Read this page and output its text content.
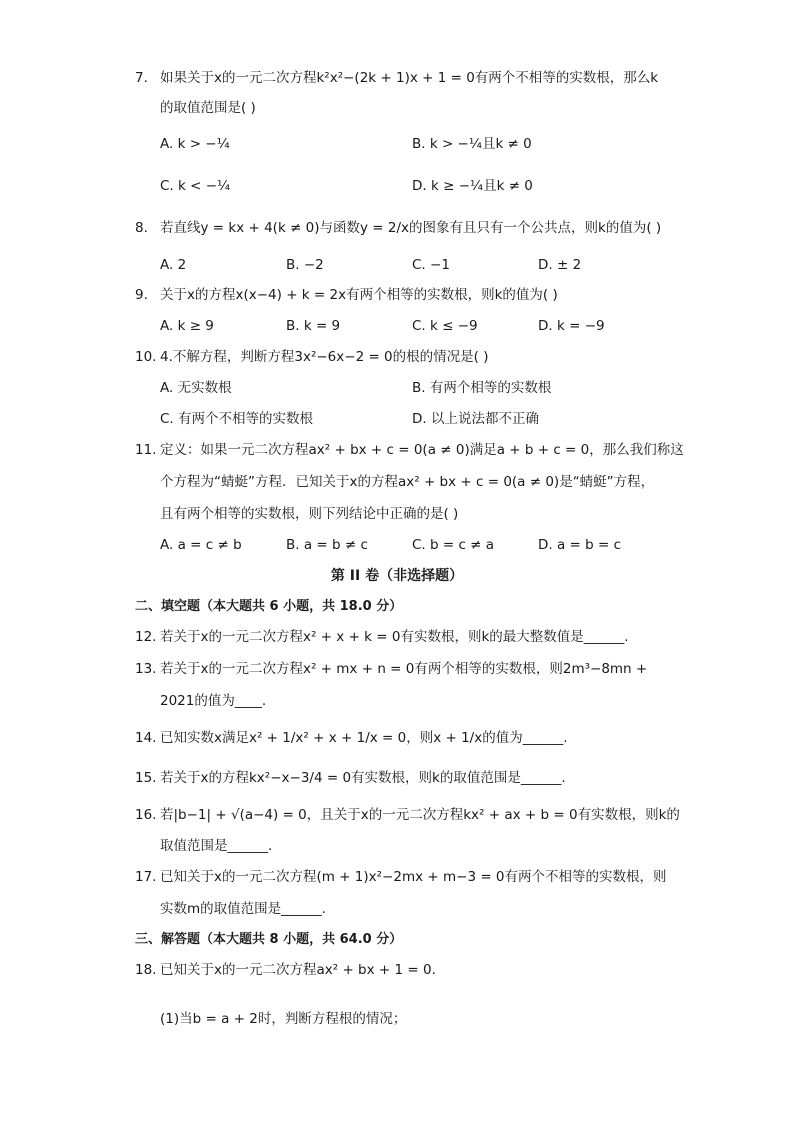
7. 如果关于x的一元二次方程k²x²−(2k + 1)x + 1 = 0有两个不相等的实数根，那么k
的取值范围是( )
A. k > −¼	B. k > −¼且k ≠ 0
C. k < −¼	D. k ≥ −¼且k ≠ 0
8. 若直线y = kx + 4(k ≠ 0)与函数y = 2/x的图象有且只有一个公共点，则k的值为( )
A. 2	B. −2	C. −1	D. ± 2
9. 关于x的方程x(x−4) + k = 2x有两个相等的实数根，则k的值为( )
A. k ≥ 9	B. k = 9	C. k ≤ −9	D. k = −9
10. 4.不解方程，判断方程3x²−6x−2 = 0的根的情况是( )
A. 无实数根	B. 有两个相等的实数根
C. 有两个不相等的实数根	D. 以上说法都不正确
11. 定义：如果一元二次方程ax² + bx + c = 0(a ≠ 0)满足a + b + c = 0，那么我们称这
个方程为“蜻蜓”方程．已知关于x的方程ax² + bx + c = 0(a ≠ 0)是“蜻蜓”方程，
且有两个相等的实数根，则下列结论中正确的是( )
A. a = c ≠ b	B. a = b ≠ c	C. b = c ≠ a	D. a = b = c
第 II 卷（非选择题）
二、填空题（本大题共 6 小题，共 18.0 分）
12. 若关于x的一元二次方程x² + x + k = 0有实数根，则k的最大整数值是______.
13. 若关于x的一元二次方程x² + mx + n = 0有两个相等的实数根，则2m³−8mn +
2021的值为____.
14. 已知实数x满足x² + 1/x² + x + 1/x = 0，则x + 1/x的值为______.
15. 若关于x的方程kx²−x−3/4 = 0有实数根，则k的取值范围是______.
16. 若|b−1| + √(a−4) = 0，且关于x的一元二次方程kx² + ax + b = 0有实数根，则k的
取值范围是______.
17. 已知关于x的一元二次方程(m + 1)x²−2mx + m−3 = 0有两个不相等的实数根，则
实数m的取值范围是______.
三、解答题（本大题共 8 小题，共 64.0 分）
18. 已知关于x的一元二次方程ax² + bx + 1 = 0.
(1)当b = a + 2时，判断方程根的情况；
